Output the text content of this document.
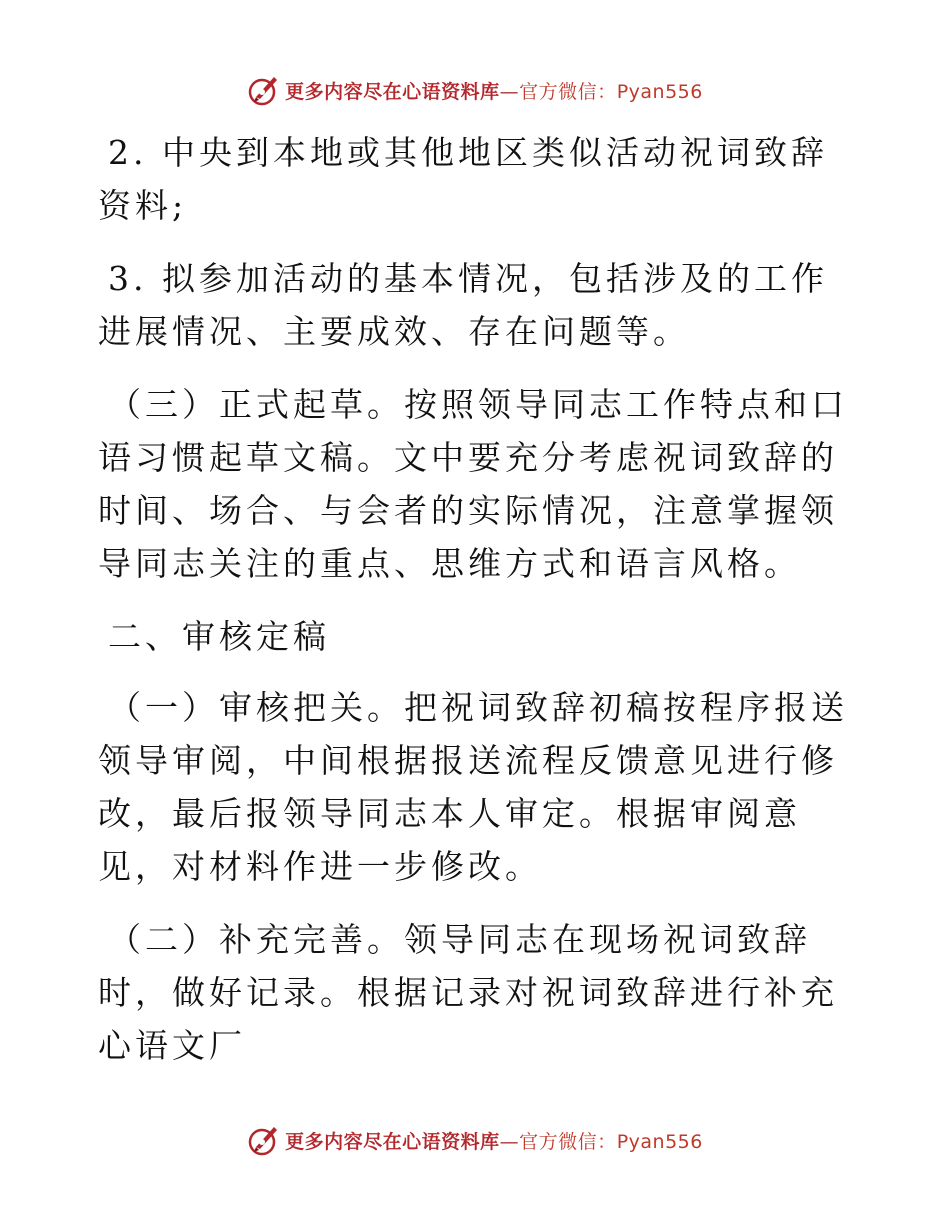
更多内容尽在心语资料库—官方微信：Pyan556

2. 中央到本地或其他地区类似活动祝词致辞资料;

3. 拟参加活动的基本情况，包括涉及的工作进展情况、主要成效、存在问题等。

（三）正式起草。按照领导同志工作特点和口语习惯起草文稿。文中要充分考虑祝词致辞的时间、场合、与会者的实际情况，注意掌握领导同志关注的重点、思维方式和语言风格。

二、审核定稿

（一）审核把关。把祝词致辞初稿按程序报送领导审阅，中间根据报送流程反馈意见进行修改，最后报领导同志本人审定。根据审阅意见，对材料作进一步修改。

（二）补充完善。领导同志在现场祝词致辞时，做好记录。根据记录对祝词致辞进行补充心语文厂

更多内容尽在心语资料库—官方微信：Pyan556
